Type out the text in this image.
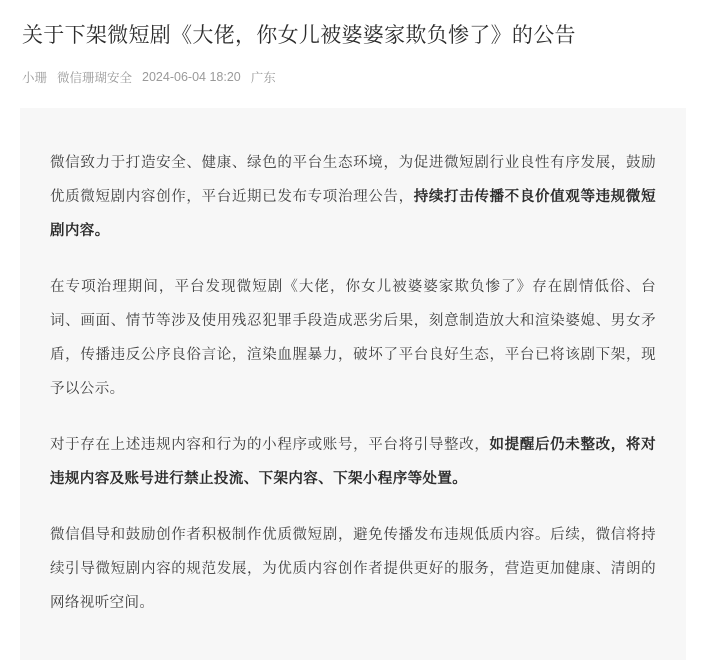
关于下架微短剧《大佬，你女儿被婆婆家欺负惨了》的公告
小珊 微信珊瑚安全 2024-06-04 18:20 广东

微信致力于打造安全、健康、绿色的平台生态环境，为促进微短剧行业良性有序发展，鼓励优质微短剧内容创作，平台近期已发布专项治理公告，持续打击传播不良价值观等违规微短剧内容。

在专项治理期间，平台发现微短剧《大佬，你女儿被婆婆家欺负惨了》存在剧情低俗、台词、画面、情节等涉及使用残忍犯罪手段造成恶劣后果，刻意制造放大和渲染婆媳、男女矛盾，传播违反公序良俗言论，渲染血腥暴力，破坏了平台良好生态，平台已将该剧下架，现予以公示。

对于存在上述违规内容和行为的小程序或账号，平台将引导整改，如提醒后仍未整改，将对违规内容及账号进行禁止投流、下架内容、下架小程序等处置。

微信倡导和鼓励创作者积极制作优质微短剧，避免传播发布违规低质内容。后续，微信将持续引导微短剧内容的规范发展，为优质内容创作者提供更好的服务，营造更加健康、清朗的网络视听空间。
